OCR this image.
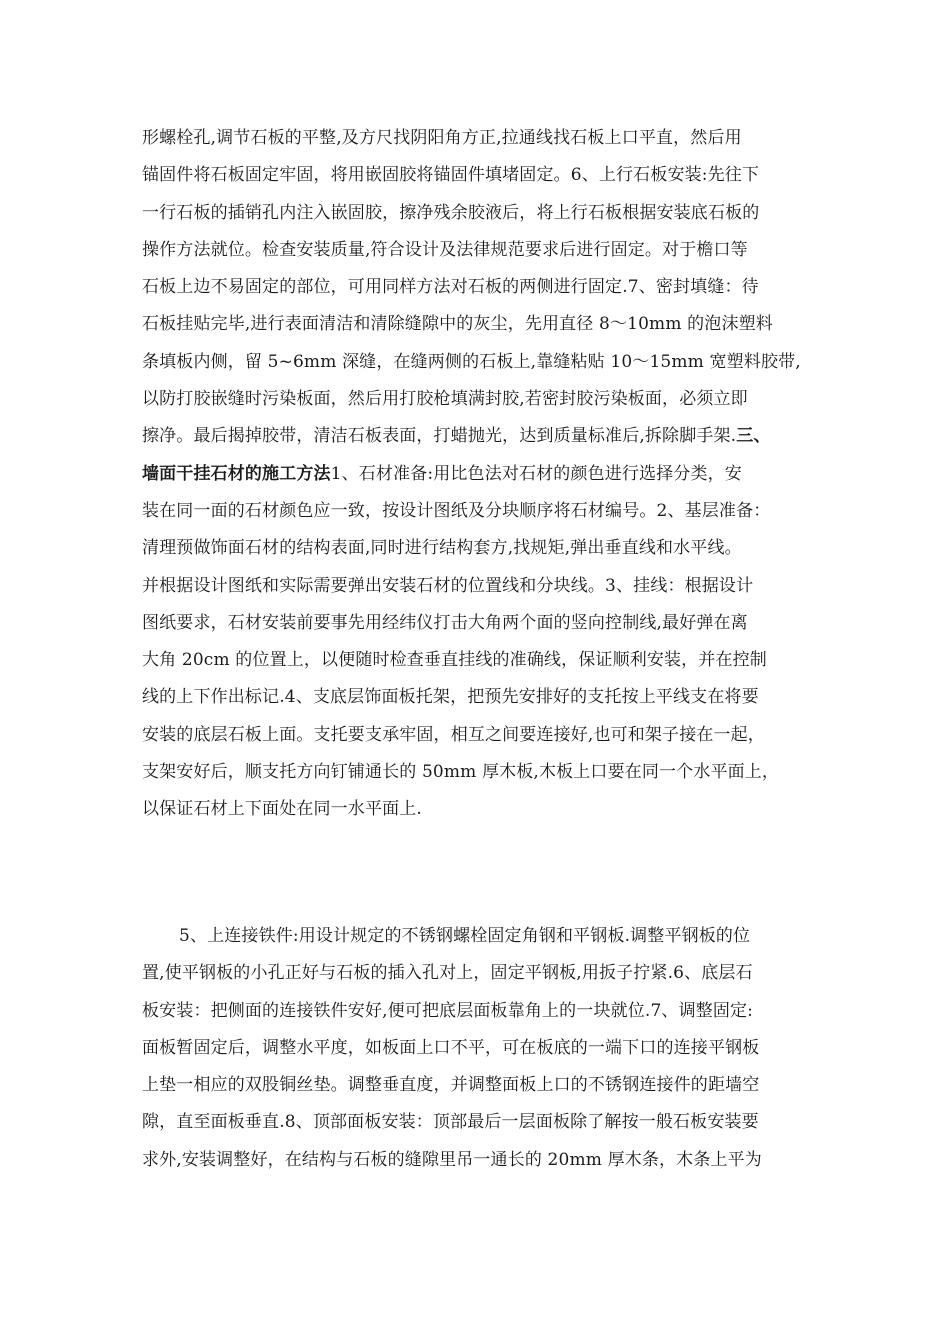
形螺栓孔,调节石板的平整,及方尺找阴阳角方正,拉通线找石板上口平直，然后用
锚固件将石板固定牢固，将用嵌固胶将锚固件填堵固定。6、上行石板安装:先往下
一行石板的插销孔内注入嵌固胶，擦净残余胶液后，将上行石板根据安装底石板的
操作方法就位。检查安装质量,符合设计及法律规范要求后进行固定。对于檐口等
石板上边不易固定的部位，可用同样方法对石板的两侧进行固定.7、密封填缝：待
石板挂贴完毕,进行表面清洁和清除缝隙中的灰尘，先用直径 8～10mm 的泡沫塑料
条填板内侧，留 5~6mm 深缝，在缝两侧的石板上,靠缝粘贴 10～15mm 宽塑料胶带,
以防打胶嵌缝时污染板面，然后用打胶枪填满封胶,若密封胶污染板面，必须立即
擦净。最后揭掉胶带，清洁石板表面，打蜡抛光，达到质量标准后,拆除脚手架.三、
墙面干挂石材的施工方法1、石材准备:用比色法对石材的颜色进行选择分类，安
装在同一面的石材颜色应一致，按设计图纸及分块顺序将石材编号。2、基层准备：
清理预做饰面石材的结构表面,同时进行结构套方,找规矩,弹出垂直线和水平线。
并根据设计图纸和实际需要弹出安装石材的位置线和分块线。3、挂线：根据设计
图纸要求，石材安装前要事先用经纬仪打击大角两个面的竖向控制线,最好弹在离
大角 20cm 的位置上，以便随时检查垂直挂线的准确线，保证顺利安装，并在控制
线的上下作出标记.4、支底层饰面板托架，把预先安排好的支托按上平线支在将要
安装的底层石板上面。支托要支承牢固，相互之间要连接好,也可和架子接在一起，
支架安好后，顺支托方向钉铺通长的 50mm 厚木板,木板上口要在同一个水平面上，
以保证石材上下面处在同一水平面上.
5、上连接铁件:用设计规定的不锈钢螺栓固定角钢和平钢板.调整平钢板的位
置,使平钢板的小孔正好与石板的插入孔对上，固定平钢板,用扳子拧紧.6、底层石
板安装：把侧面的连接铁件安好,便可把底层面板靠角上的一块就位.7、调整固定:
面板暂固定后，调整水平度，如板面上口不平，可在板底的一端下口的连接平钢板
上垫一相应的双股铜丝垫。调整垂直度，并调整面板上口的不锈钢连接件的距墙空
隙，直至面板垂直.8、顶部面板安装：顶部最后一层面板除了解按一般石板安装要
求外,安装调整好，在结构与石板的缝隙里吊一通长的 20mm 厚木条，木条上平为
